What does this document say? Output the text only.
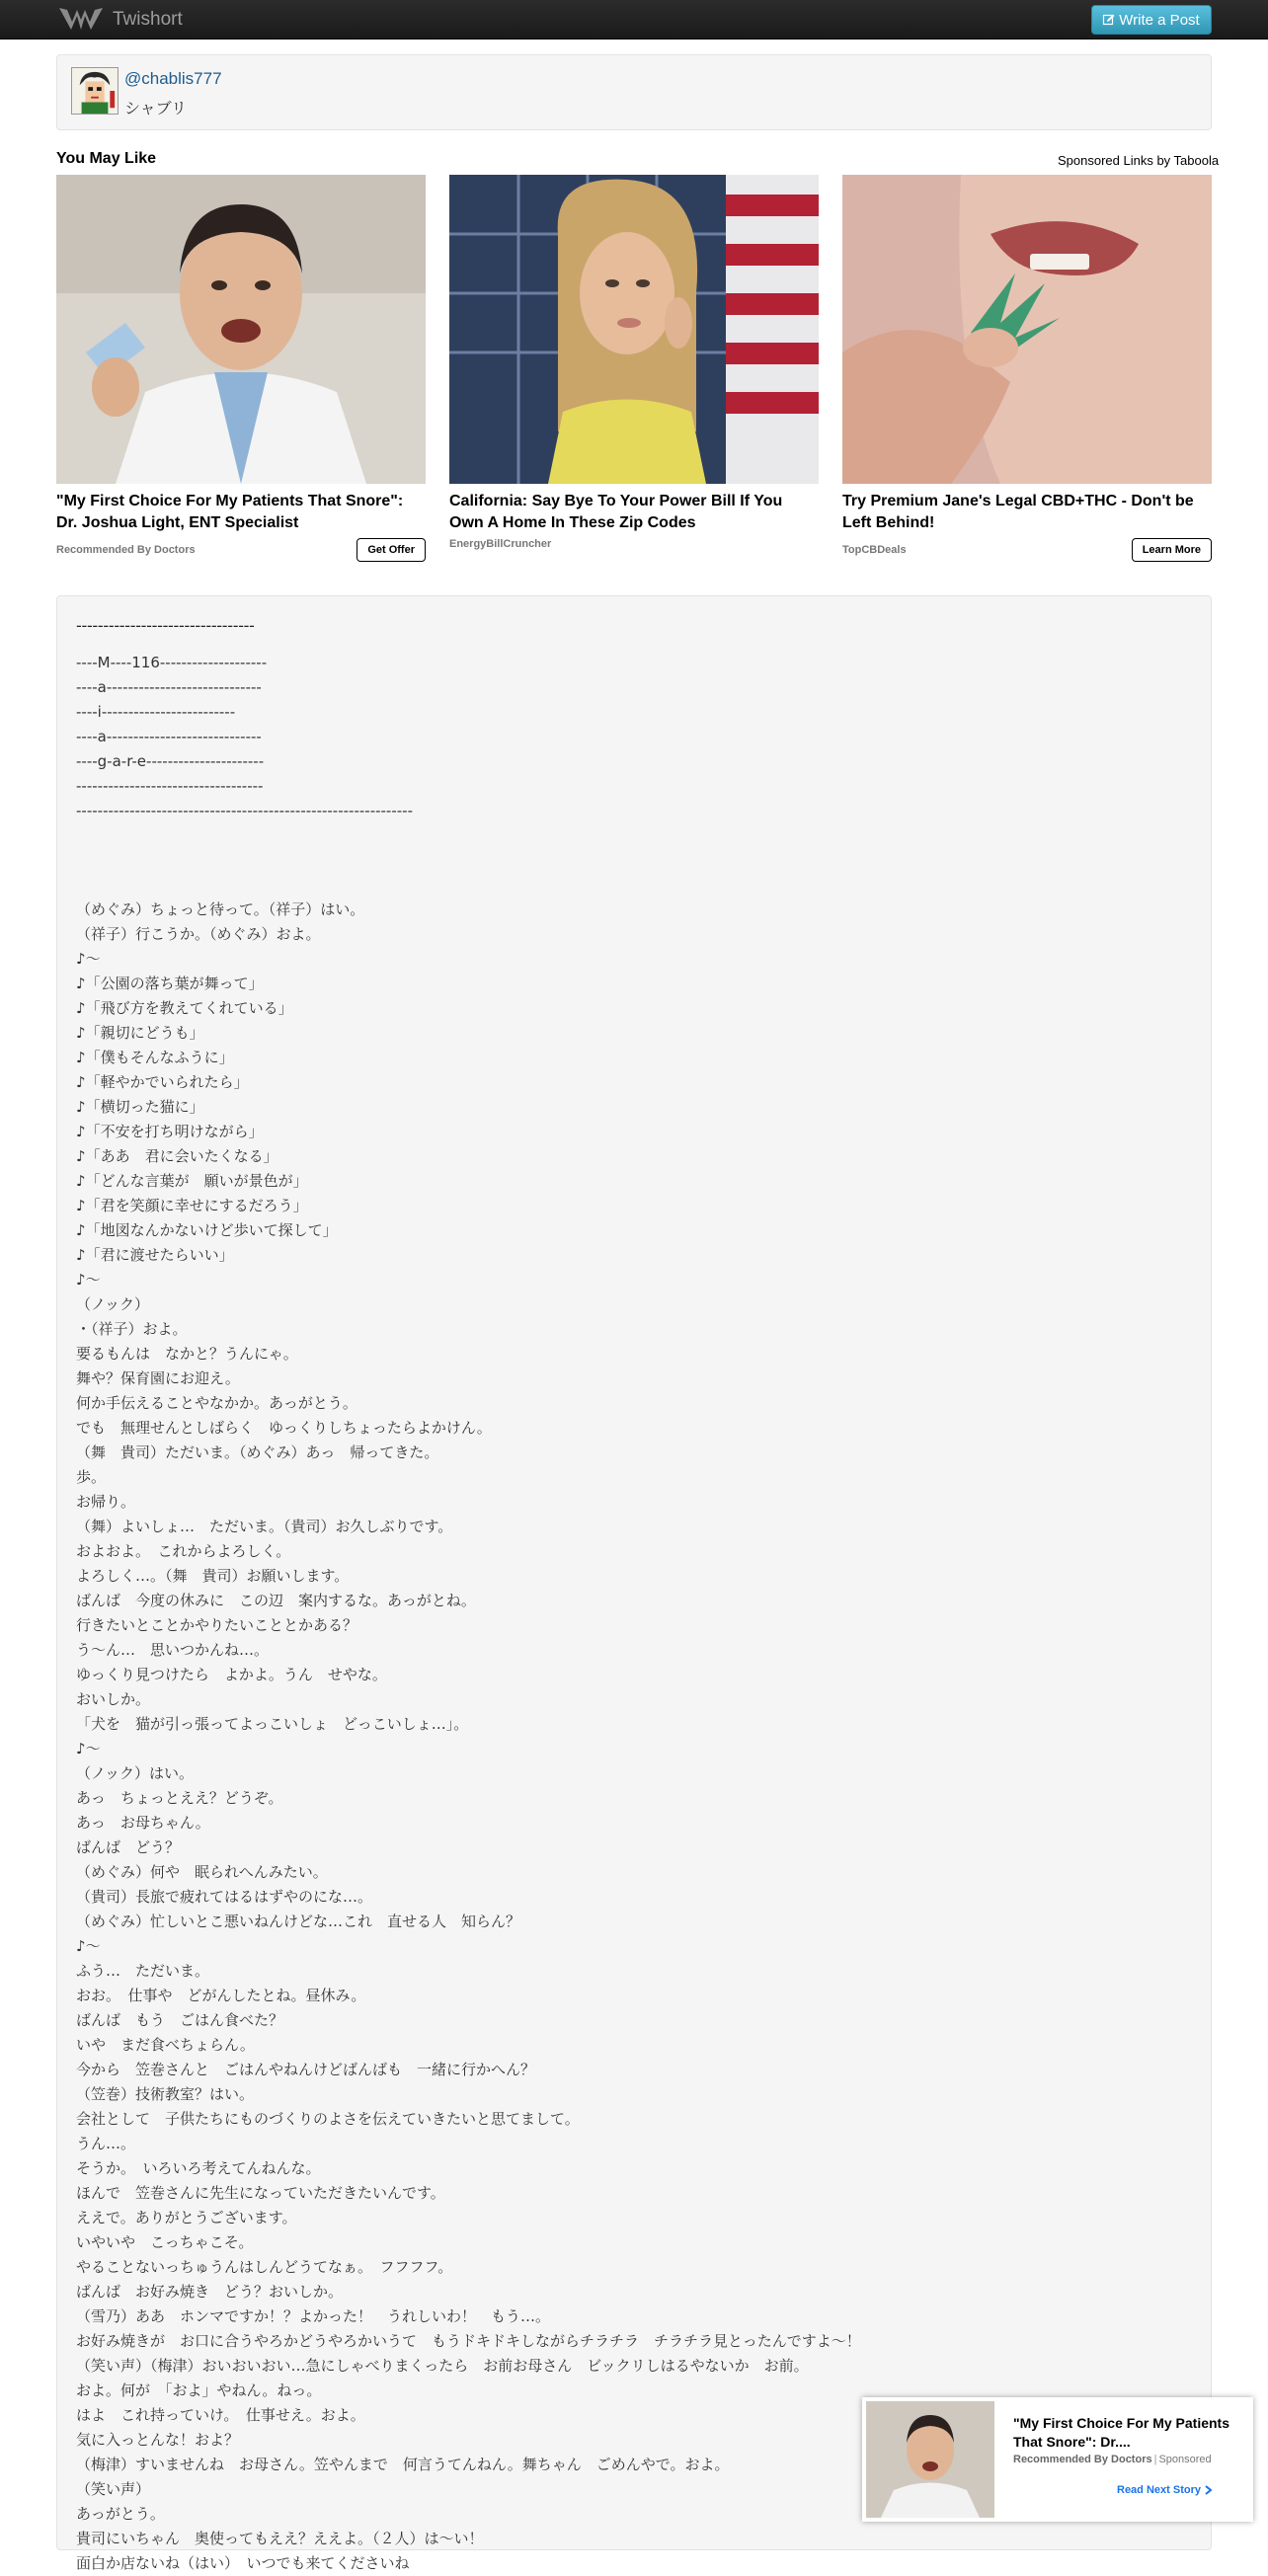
Twishort	Write a Post
@chablis777
シャブリ
You May Like	Sponsored Links by Taboola
"My First Choice For My Patients That Snore": Dr. Joshua Light, ENT Specialist
Recommended By Doctors	Get Offer
California: Say Bye To Your Power Bill If You Own A Home In These Zip Codes
EnergyBillCruncher
Try Premium Jane's Legal CBD+THC - Don't be Left Behind!
TopCBDeals	Learn More
---------------------------------
----M----116--------------------
----a-----------------------------
----i-------------------------
----a-----------------------------
----g-a-r-e----------------------
-----------------------------------
---------------------------------------------------------------
（めぐみ）ちょっと待って。（祥子）はい。
（祥子）行こうか。（めぐみ）およ。
♪～
♪「公園の落ち葉が舞って」
♪「飛び方を教えてくれている」
♪「親切にどうも」
♪「僕もそんなふうに」
♪「軽やかでいられたら」
♪「横切った猫に」
♪「不安を打ち明けながら」
♪「ああ　君に会いたくなる」
♪「どんな言葉が　願いが景色が」
♪「君を笑顔に幸せにするだろう」
♪「地図なんかないけど歩いて探して」
♪「君に渡せたらいい」
♪～
（ノック）
・（祥子）およ。
要るもんは　なかと？うんにゃ。
舞や？保育園にお迎え。
何か手伝えることやなかか。あっがとう。
でも　無理せんとしばらく　ゆっくりしちょったらよかけん。
（舞　貴司）ただいま。（めぐみ）あっ　帰ってきた。
歩。
お帰り。
（舞）よいしょ…　ただいま。（貴司）お久しぶりです。
およおよ。　これからよろしく。
よろしく…。（舞　貴司）お願いします。
ばんば　今度の休みに　この辺　案内するな。あっがとね。
行きたいとことかやりたいこととかある？
う～ん…　思いつかんね…。
ゆっくり見つけたら　よかよ。うん　せやな。
おいしか。
「犬を　猫が引っ張ってよっこいしょ　どっこいしょ…」。
♪～
（ノック）はい。
あっ　ちょっとええ？どうぞ。
あっ　お母ちゃん。
ばんば　どう？
（めぐみ）何や　眠られへんみたい。
（貴司）長旅で疲れてはるはずやのにな…。
（めぐみ）忙しいとこ悪いねんけどな…これ　直せる人　知らん？
♪～
ふう…　ただいま。
おお。　仕事や　どがんしたとね。昼休み。
ばんば　もう　ごはん食べた？
いや　まだ食べちょらん。
今から　笠巻さんと　ごはんやねんけどばんばも　一緒に行かへん？
（笠巻）技術教室？はい。
会社として　子供たちにものづくりのよさを伝えていきたいと思てまして。
うん…。
そうか。　いろいろ考えてんねんな。
ほんで　笠巻さんに先生になっていただきたいんです。
ええで。ありがとうございます。
いやいや　こっちゃこそ。
やることないっちゅうんはしんどうてなぁ。　フフフフ。
ばんば　お好み焼き　どう？おいしか。
（雪乃）ああ　ホンマですか！？よかった！　うれしいわ！　もう…。
お好み焼きが　お口に合うやろかどうやろかいうて　もうドキドキしながらチラチラ　チラチラ見とったんですよ～！
（笑い声）（梅津）おいおいおい…急にしゃべりまくったら　お前お母さん　ビックリしはるやないか　お前。
およ。何が　「およ」やねん。ねっ。
はよ　これ持っていけ。　仕事せえ。およ。
気に入っとんな！およ？
（梅津）すいませんね　お母さん。笠やんまで　何言うてんねん。舞ちゃん　ごめんやで。およ。
（笑い声）
あっがとう。
貴司にいちゃん　奥使ってもええ？ええよ。（２人）は～い！
面白か店ないね（はい）　いつでも来てくださいね
"My First Choice For My Patients That Snore": Dr....
Recommended By Doctors | Sponsored
Read Next Story
